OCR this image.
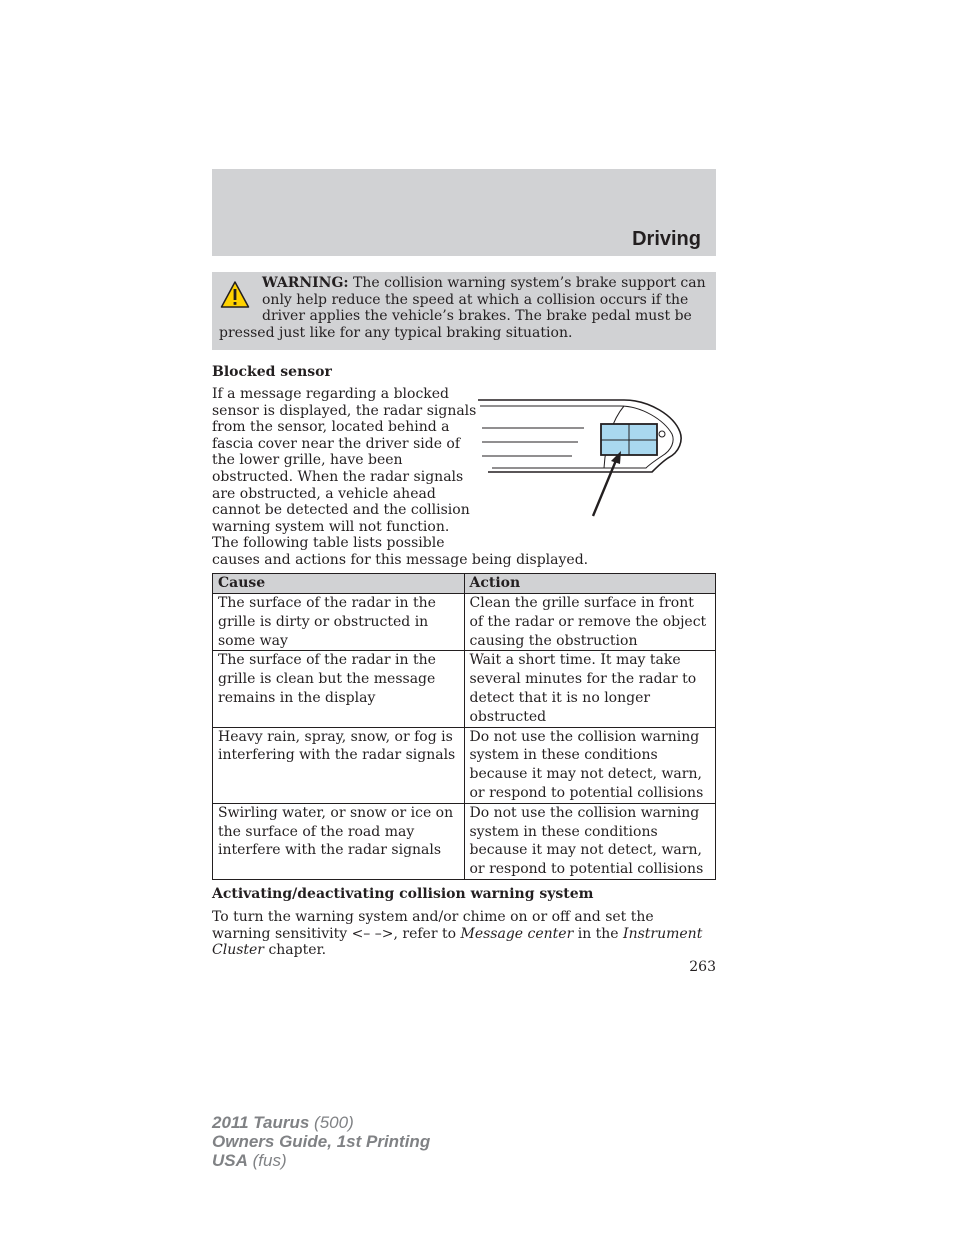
Driving
WARNING: The collision warning system’s brake support can only help reduce the speed at which a collision occurs if the driver applies the vehicle’s brakes. The brake pedal must be pressed just like for any typical braking situation.
Blocked sensor
If a message regarding a blocked
sensor is displayed, the radar signals
from the sensor, located behind a
fascia cover near the driver side of
the lower grille, have been
obstructed. When the radar signals
are obstructed, a vehicle ahead
cannot be detected and the collision
warning system will not function.
The following table lists possible
causes and actions for this message being displayed.
Cause	Action
The surface of the radar in the grille is dirty or obstructed in some way	Clean the grille surface in front of the radar or remove the object causing the obstruction
The surface of the radar in the grille is clean but the message remains in the display	Wait a short time. It may take several minutes for the radar to detect that it is no longer obstructed
Heavy rain, spray, snow, or fog is interfering with the radar signals	Do not use the collision warning system in these conditions because it may not detect, warn, or respond to potential collisions
Swirling water, or snow or ice on the surface of the road may interfere with the radar signals	Do not use the collision warning system in these conditions because it may not detect, warn, or respond to potential collisions
Activating/deactivating collision warning system
To turn the warning system and/or chime on or off and set the warning sensitivity <– –>, refer to Message center in the Instrument Cluster chapter.
263
2011 Taurus (500)
Owners Guide, 1st Printing
USA (fus)
